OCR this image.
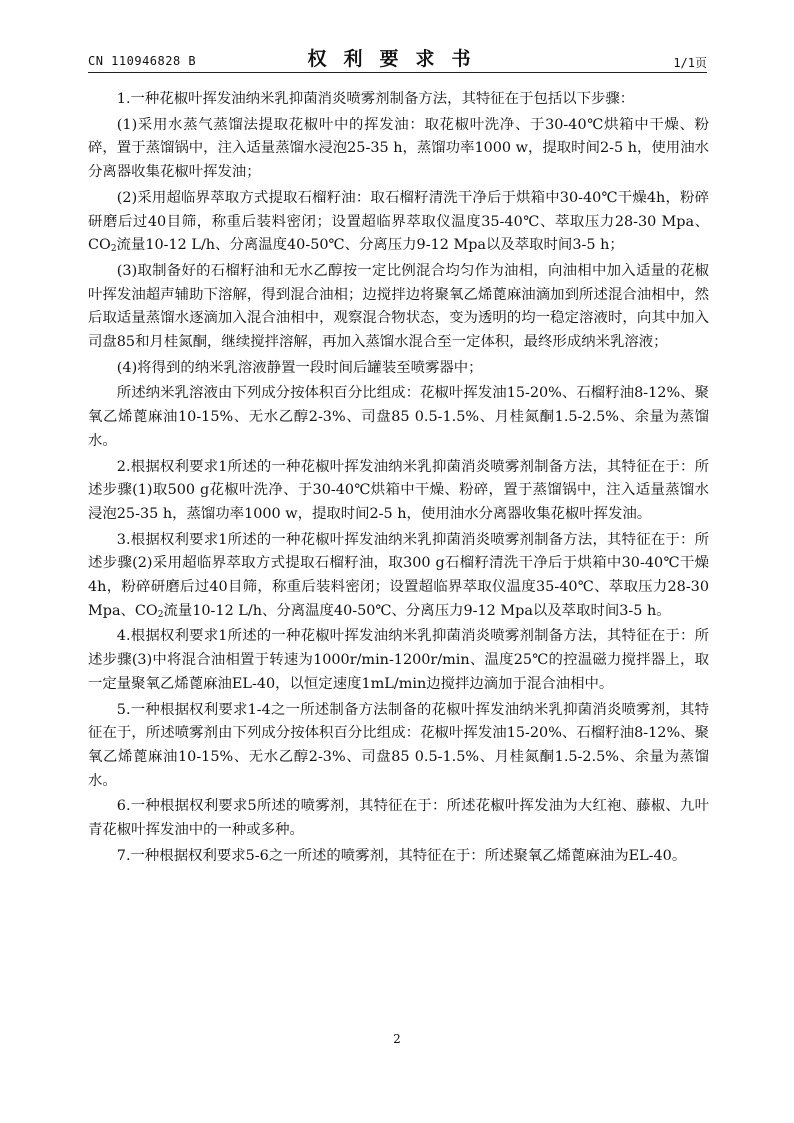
CN 110946828 B	权利要求书	1/1页

1.一种花椒叶挥发油纳米乳抑菌消炎喷雾剂制备方法，其特征在于包括以下步骤：

(1)采用水蒸气蒸馏法提取花椒叶中的挥发油：取花椒叶洗净、于30-40℃烘箱中干燥、粉碎，置于蒸馏锅中，注入适量蒸馏水浸泡25-35 h，蒸馏功率1000 w，提取时间2-5 h，使用油水分离器收集花椒叶挥发油；

(2)采用超临界萃取方式提取石榴籽油：取石榴籽清洗干净后于烘箱中30-40℃干燥4h，粉碎研磨后过40目筛，称重后装料密闭；设置超临界萃取仪温度35-40℃、萃取压力28-30 Mpa、$CO_2$流量10-12 L/h、分离温度40-50℃、分离压力9-12 Mpa以及萃取时间3-5 h；

(3)取制备好的石榴籽油和无水乙醇按一定比例混合均匀作为油相，向油相中加入适量的花椒叶挥发油超声辅助下溶解，得到混合油相；边搅拌边将聚氧乙烯蓖麻油滴加到所述混合油相中，然后取适量蒸馏水逐滴加入混合油相中，观察混合物状态，变为透明的均一稳定溶液时，向其中加入司盘85和月桂氮酮，继续搅拌溶解，再加入蒸馏水混合至一定体积，最终形成纳米乳溶液；

(4)将得到的纳米乳溶液静置一段时间后罐装至喷雾器中；

所述纳米乳溶液由下列成分按体积百分比组成：花椒叶挥发油15-20%、石榴籽油8-12%、聚氧乙烯蓖麻油10-15%、无水乙醇2-3%、司盘85 0.5-1.5%、月桂氮酮1.5-2.5%、余量为蒸馏水。

2.根据权利要求1所述的一种花椒叶挥发油纳米乳抑菌消炎喷雾剂制备方法，其特征在于：所述步骤(1)取500 g花椒叶洗净、于30-40℃烘箱中干燥、粉碎，置于蒸馏锅中，注入适量蒸馏水浸泡25-35 h，蒸馏功率1000 w，提取时间2-5 h，使用油水分离器收集花椒叶挥发油。

3.根据权利要求1所述的一种花椒叶挥发油纳米乳抑菌消炎喷雾剂制备方法，其特征在于：所述步骤(2)采用超临界萃取方式提取石榴籽油，取300 g石榴籽清洗干净后于烘箱中30-40℃干燥4h，粉碎研磨后过40目筛，称重后装料密闭；设置超临界萃取仪温度35-40℃、萃取压力28-30 Mpa、$CO_2$流量10-12 L/h、分离温度40-50℃、分离压力9-12 Mpa以及萃取时间3-5 h。

4.根据权利要求1所述的一种花椒叶挥发油纳米乳抑菌消炎喷雾剂制备方法，其特征在于：所述步骤(3)中将混合油相置于转速为1000r/min-1200r/min、温度25℃的控温磁力搅拌器上，取一定量聚氧乙烯蓖麻油EL-40，以恒定速度1mL/min边搅拌边滴加于混合油相中。

5.一种根据权利要求1-4之一所述制备方法制备的花椒叶挥发油纳米乳抑菌消炎喷雾剂，其特征在于，所述喷雾剂由下列成分按体积百分比组成：花椒叶挥发油15-20%、石榴籽油8-12%、聚氧乙烯蓖麻油10-15%、无水乙醇2-3%、司盘85 0.5-1.5%、月桂氮酮1.5-2.5%、余量为蒸馏水。

6.一种根据权利要求5所述的喷雾剂，其特征在于：所述花椒叶挥发油为大红袍、藤椒、九叶青花椒叶挥发油中的一种或多种。

7.一种根据权利要求5-6之一所述的喷雾剂，其特征在于：所述聚氧乙烯蓖麻油为EL-40。

2
